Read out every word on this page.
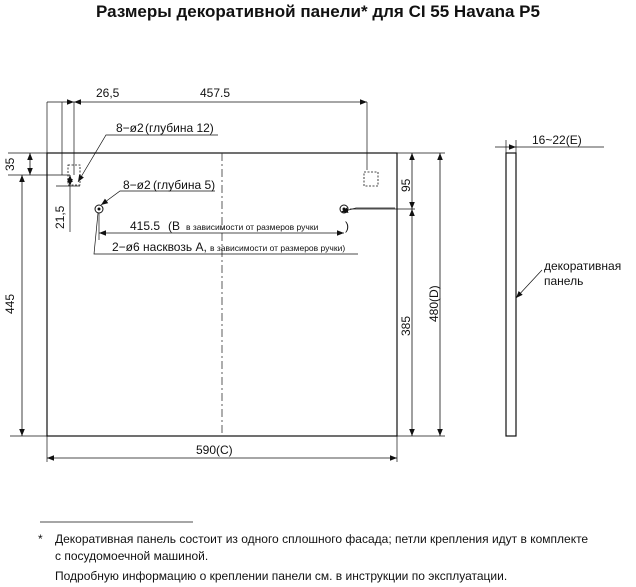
Размеры декоративной панели* для CI 55 Havana P5
26,5	457.5
35
21,5
445
95
385
480(D)
590(C)
415.5 (B в зависимости от размеров ручки )
8−ø2 (глубина 12)
8−ø2 (глубина 5)
2−ø6 насквозь A, в зависимости от размеров ручки)
16~22(E)
декоративная
панель
* Декоративная панель состоит из одного сплошного фасада; петли крепления идут в комплекте
с посудомоечной машиной.
Подробную информацию о креплении панели см. в инструкции по эксплуатации.
